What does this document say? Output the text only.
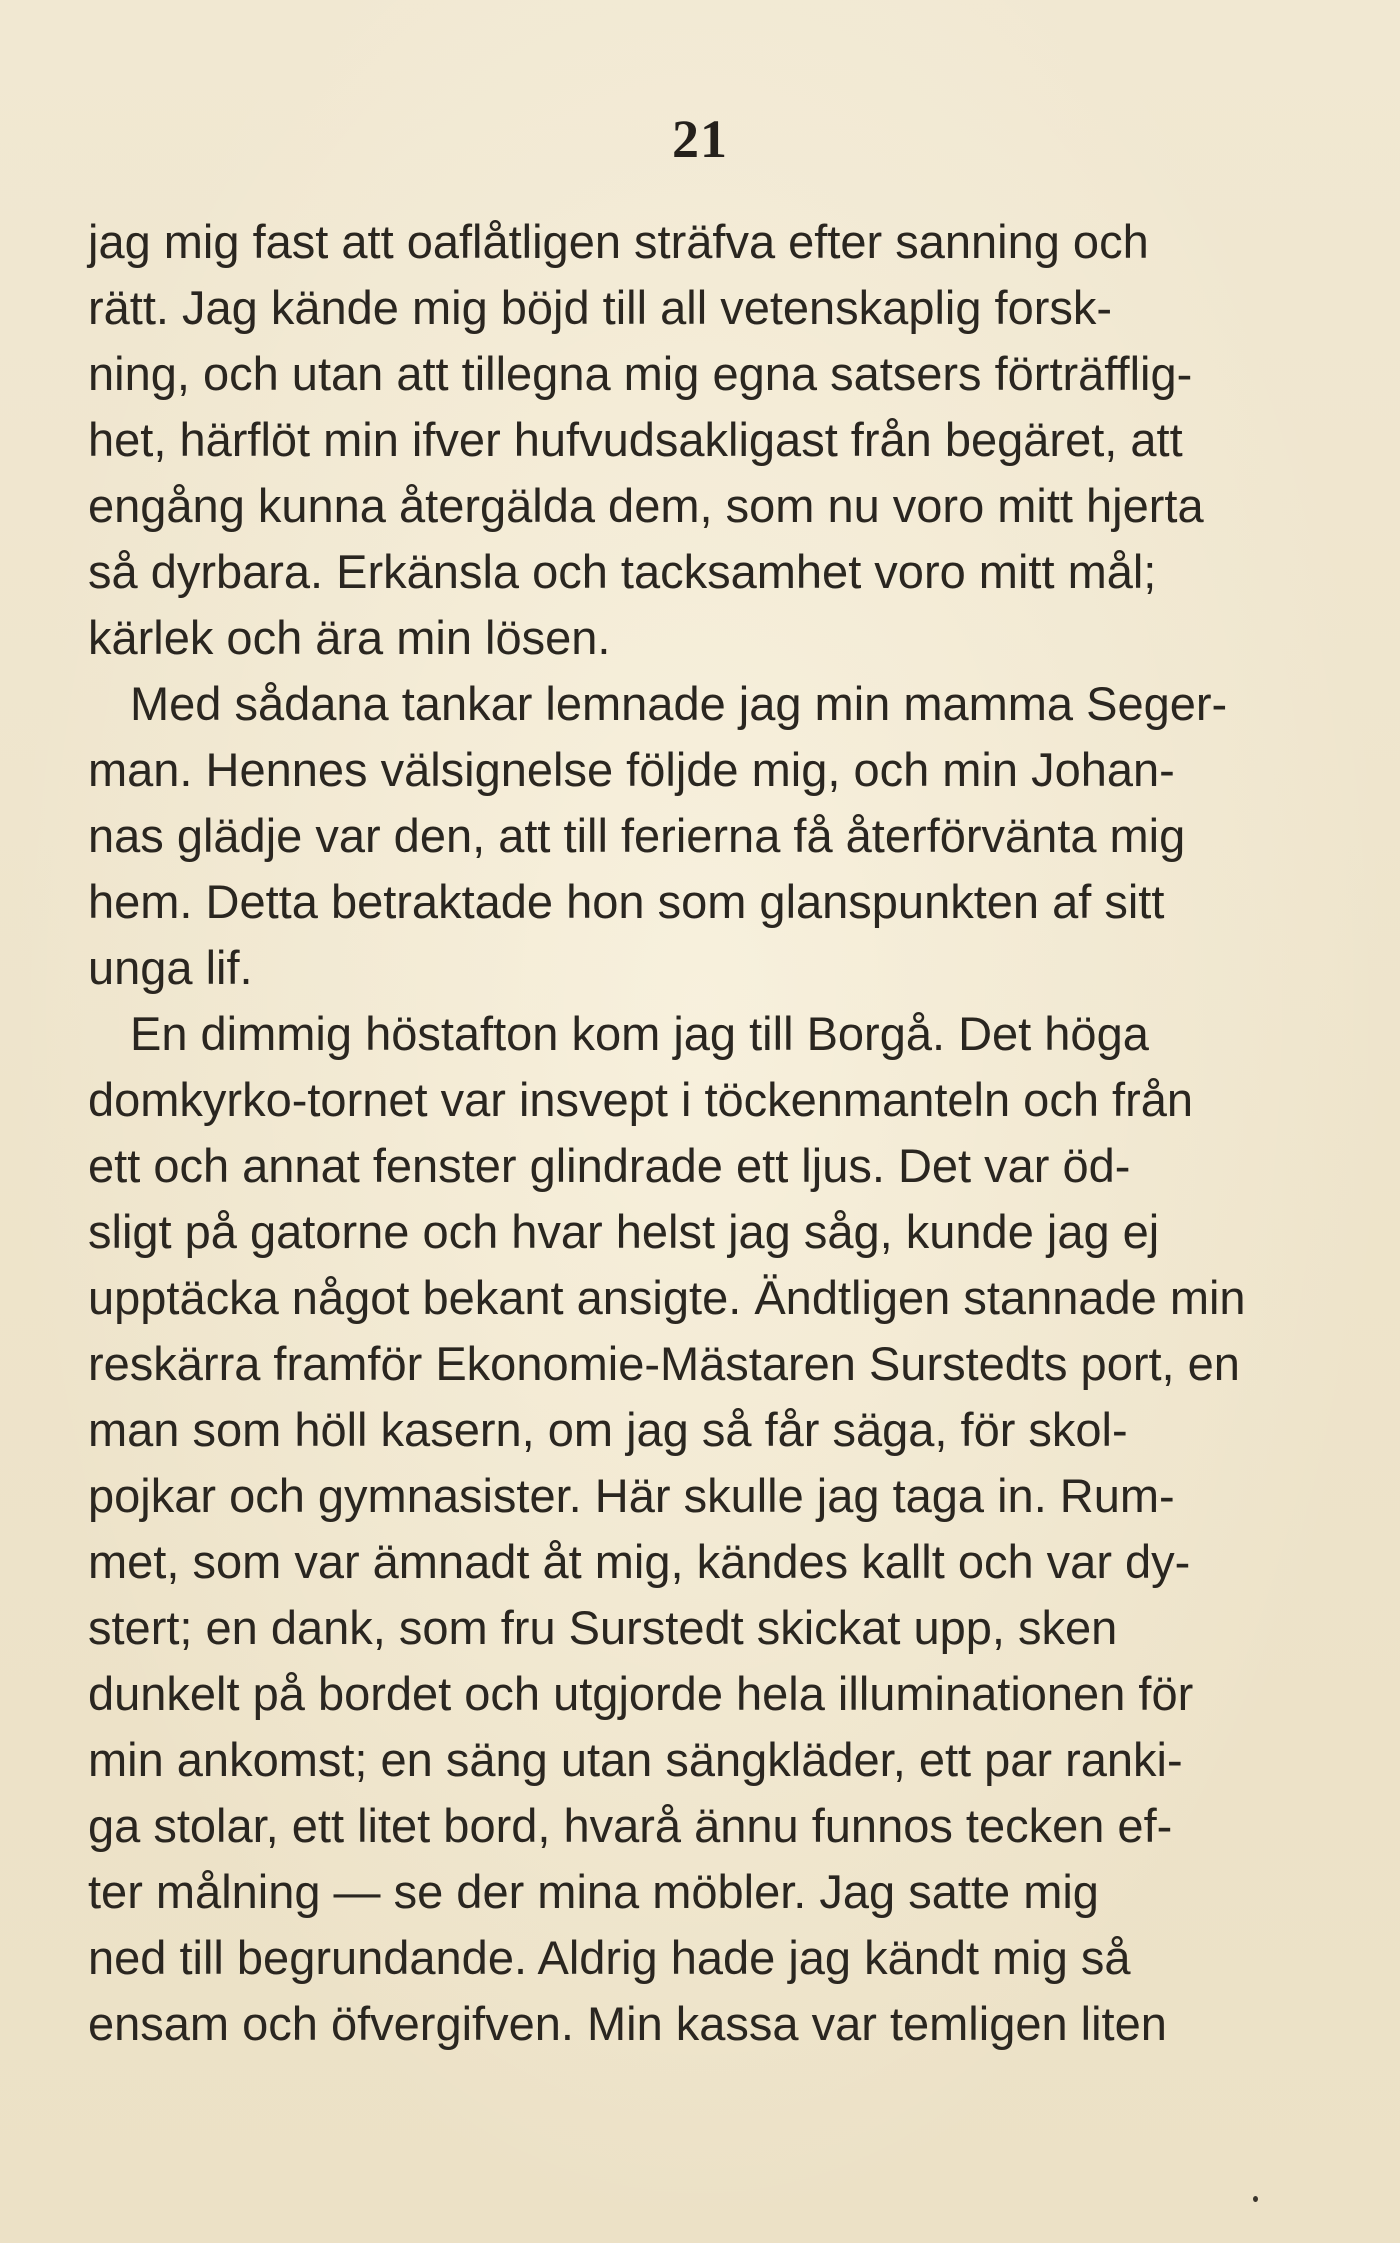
21
jag mig fast att oaflåtligen sträfva efter sanning och
rätt. Jag kände mig böjd till all vetenskaplig forsk-
ning, och utan att tillegna mig egna satsers förträfflig-
het, härflöt min ifver hufvudsakligast från begäret, att
engång kunna återgälda dem, som nu voro mitt hjerta
så dyrbara. Erkänsla och tacksamhet voro mitt mål;
kärlek och ära min lösen.
Med sådana tankar lemnade jag min mamma Seger-
man. Hennes välsignelse följde mig, och min Johan-
nas glädje var den, att till ferierna få återförvänta mig
hem. Detta betraktade hon som glanspunkten af sitt
unga lif.
En dimmig höstafton kom jag till Borgå. Det höga
domkyrko-tornet var insvept i töckenmanteln och från
ett och annat fenster glindrade ett ljus. Det var öd-
sligt på gatorne och hvar helst jag såg, kunde jag ej
upptäcka något bekant ansigte. Ändtligen stannade min
reskärra framför Ekonomie-Mästaren Surstedts port, en
man som höll kasern, om jag så får säga, för skol-
pojkar och gymnasister. Här skulle jag taga in. Rum-
met, som var ämnadt åt mig, kändes kallt och var dy-
stert; en dank, som fru Surstedt skickat upp, sken
dunkelt på bordet och utgjorde hela illuminationen för
min ankomst; en säng utan sängkläder, ett par ranki-
ga stolar, ett litet bord, hvarå ännu funnos tecken ef-
ter målning — se der mina möbler. Jag satte mig
ned till begrundande. Aldrig hade jag kändt mig så
ensam och öfvergifven. Min kassa var temligen liten
